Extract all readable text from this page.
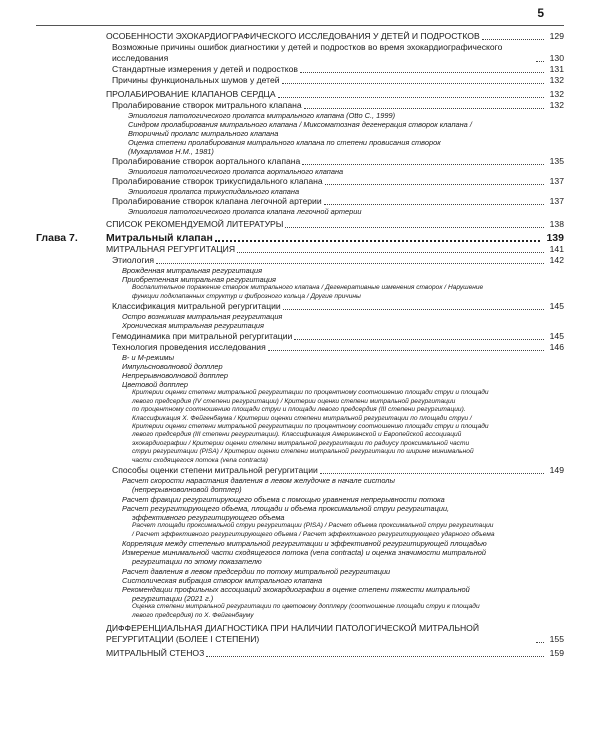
5
ОСОБЕННОСТИ ЭХОКАРДИОГРАФИЧЕСКОГО ИССЛЕДОВАНИЯ У ДЕТЕЙ И ПОДРОСТКОВ	129
Возможные причины ошибок диагностики у детей и подростков во время эхокардиографического исследования	130
Стандартные измерения у детей и подростков	131
Причины функциональных шумов у детей	132
ПРОЛАБИРОВАНИЕ КЛАПАНОВ СЕРДЦА	132
Пролабирование створок митрального клапана	132
Этиология патологического пролапса митрального клапана (Otto C., 1999)
Синдром пролабирования митрального клапана / Миксоматозная дегенерация створок клапана /
Вторичный пролапс митрального клапана
Оценка степени пролабирования митрального клапана по степени провисания створок
(Мухарлямов Н.М., 1981)
Пролабирование створок аортального клапана	135
Этиология патологического пролапса аортального клапана
Пролабирование створок трикуспидального клапана	137
Этиология пролапса трикуспидального клапана
Пролабирование створок клапана легочной артерии	137
Этиология патологического пролапса клапана легочной артерии
СПИСОК РЕКОМЕНДУЕМОЙ ЛИТЕРАТУРЫ	138
Глава 7.	Митральный клапан	139
МИТРАЛЬНАЯ РЕГУРГИТАЦИЯ	141
Этиология	142
Врожденная митральная регургитация
Приобретенная митральная регургитация
Воспалительное поражение створок митрального клапана / Дегенеративные изменения створок / Нарушение
функции подклапанных структур и фиброзного кольца / Другие причины
Классификация митральной регургитации	145
Остро возникшая митральная регургитация
Хроническая митральная регургитация
Гемодинамика при митральной регургитации	145
Технология проведения исследования	146
В- и М-режимы
Импульсноволновой допплер
Непрерывноволновой допплер
Цветовой допплер
Критерии оценки степени митральной регургитации по процентному соотношению площади струи и площади
левого предсердия (IV степени регургитации) / Критерии оценки степени митральной регургитации
по процентному соотношению площади струи и площади левого предсердия (III степени регургитации).
Классификация Х. Фейгенбаума / Критерии оценки степени митральной регургитации по площади струи /
Критерии оценки степени митральной регургитации по процентному соотношению площади струи и площади
левого предсердия (III степени регургитации). Классификация Американской и Европейской ассоциаций
эхокардиографии / Критерии оценки степени митральной регургитации по радиусу проксимальной части
струи регургитации (PISA) / Критерии оценки степени митральной регургитации по ширине минимальной
части сходящегося потока (vena contracta)
Способы оценки степени митральной регургитации	149
Расчет скорости нарастания давления в левом желудочке в начале систолы
(непрерывноволновой допплер)
Расчет фракции регургитирующего объема с помощью уравнения непрерывности потока
Расчет регургитирующего объема, площади и объема проксимальной струи регургитации,
эффективного регургитирующего объема
Расчет площади проксимальной струи регургитации (PISA) / Расчет объема проксимальной струи регургитации
/ Расчет эффективного регургитирующего объема / Расчет эффективного регургитирующего ударного объема
Корреляция между степенью митральной регургитации и эффективной регургитирующей площадью
Измерение минимальной части сходящегося потока (vena contracta) и оценка значимости митральной
регургитации по этому показателю
Расчет давления в левом предсердии по потоку митральной регургитации
Систолическая вибрация створок митрального клапана
Рекомендации профильных ассоциаций эхокардиографии в оценке степени тяжести митральной
регургитации (2021 г.)
Оценка степени митральной регургитации по цветовому допплеру (соотношение площади струи к площади
левого предсердия) по Х. Фейгенбауму
ДИФФЕРЕНЦИАЛЬНАЯ ДИАГНОСТИКА ПРИ НАЛИЧИИ ПАТОЛОГИЧЕСКОЙ МИТРАЛЬНОЙ РЕГУРГИТАЦИИ (БОЛЕЕ I СТЕПЕНИ)	155
МИТРАЛЬНЫЙ СТЕНОЗ	159
